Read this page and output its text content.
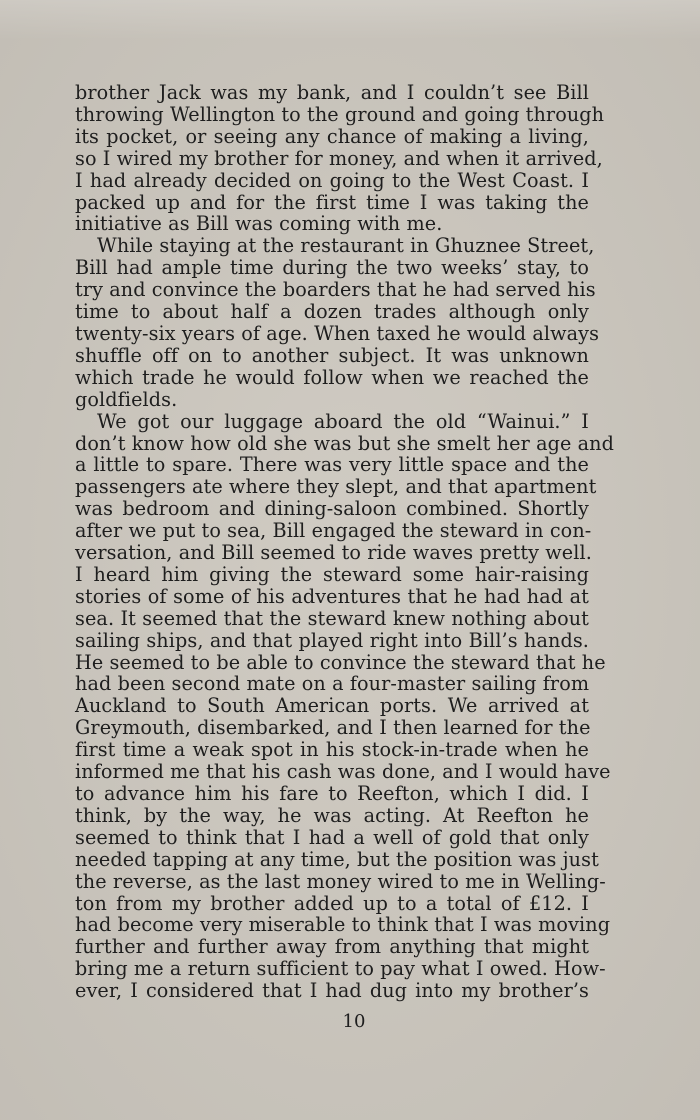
brother Jack was my bank, and I couldn’t see Bill

throwing Wellington to the ground and going through

its pocket, or seeing any chance of making a living,

so I wired my brother for money, and when it arrived,

I had already decided on going to the West Coast. I

packed up and for the first time I was taking the

initiative as Bill was coming with me.

While staying at the restaurant in Ghuznee Street,

Bill had ample time during the two weeks’ stay, to

try and convince the boarders that he had served his

time to about half a dozen trades although only

twenty-six years of age. When taxed he would always

shuffle off on to another subject. It was unknown

which trade he would follow when we reached the

goldfields.

We got our luggage aboard the old “Wainui.” I

don’t know how old she was but she smelt her age and

a little to spare. There was very little space and the

passengers ate where they slept, and that apartment

was bedroom and dining-saloon combined. Shortly

after we put to sea, Bill engaged the steward in con-

versation, and Bill seemed to ride waves pretty well.

I heard him giving the steward some hair-raising

stories of some of his adventures that he had had at

sea. It seemed that the steward knew nothing about

sailing ships, and that played right into Bill’s hands.

He seemed to be able to convince the steward that he

had been second mate on a four-master sailing from

Auckland to South American ports. We arrived at

Greymouth, disembarked, and I then learned for the

first time a weak spot in his stock-in-trade when he

informed me that his cash was done, and I would have

to advance him his fare to Reefton, which I did. I

think, by the way, he was acting. At Reefton he

seemed to think that I had a well of gold that only

needed tapping at any time, but the position was just

the reverse, as the last money wired to me in Welling-

ton from my brother added up to a total of £12. I

had become very miserable to think that I was moving

further and further away from anything that might

bring me a return sufficient to pay what I owed. How-

ever, I considered that I had dug into my brother’s

10
